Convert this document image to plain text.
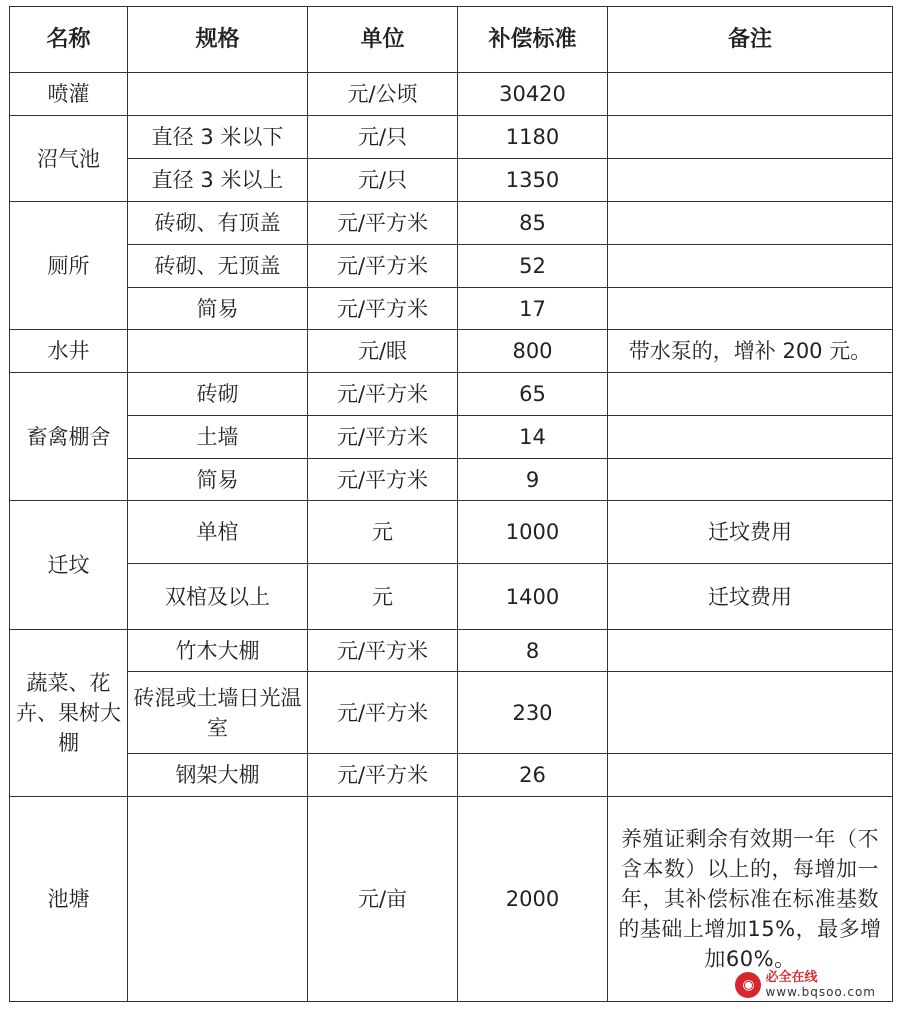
名称	规格	单位	补偿标准	备注
喷灌		元/公顷	30420	
沼气池	直径 3 米以下	元/只	1180	
	直径 3 米以上	元/只	1350	
厕所	砖砌、有顶盖	元/平方米	85	
	砖砌、无顶盖	元/平方米	52	
	简易	元/平方米	17	
水井		元/眼	800	带水泵的，增补 200 元。
畜禽棚舍	砖砌	元/平方米	65	
	土墙	元/平方米	14	
	简易	元/平方米	9	
迁坟	单棺	元	1000	迁坟费用
	双棺及以上	元	1400	迁坟费用
蔬菜、花卉、果树大棚	竹木大棚	元/平方米	8	
	砖混或土墙日光温室	元/平方米	230	
	钢架大棚	元/平方米	26	
池塘		元/亩	2000	养殖证剩余有效期一年（不含本数）以上的，每增加一年，其补偿标准在标准基数的基础上增加15%，最多增加60%。
◉ 必全在线
www.bqsoo.com
